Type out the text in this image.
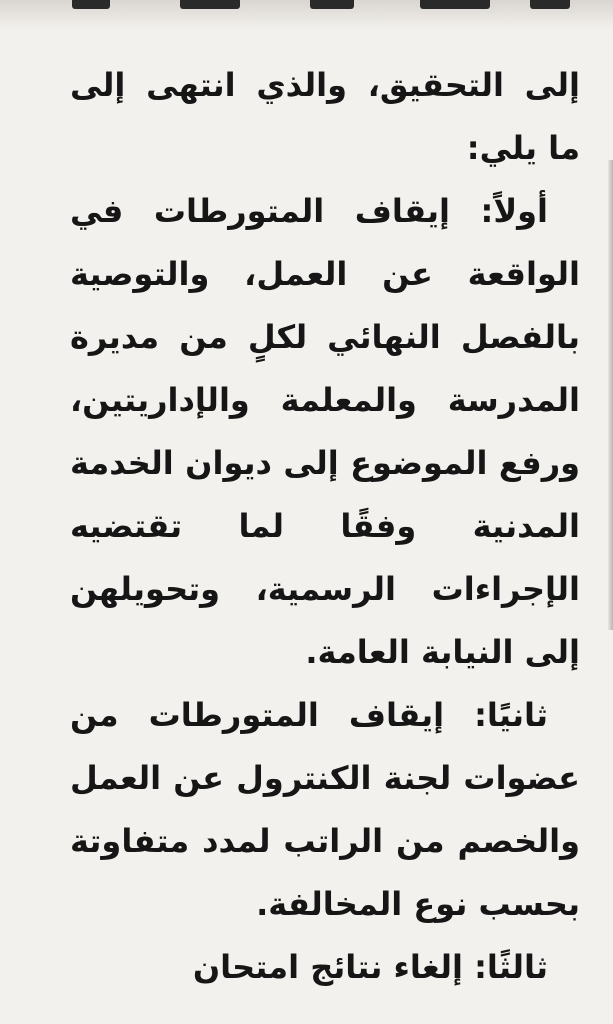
إلى التحقيق، والذي انتهى إلى ما يلي:

أولاً: إيقاف المتورطات في الواقعة عن العمل، والتوصية بالفصل النهائي لكلٍ من مديرة المدرسة والمعلمة والإداريتين، ورفع الموضوع إلى ديوان الخدمة المدنية وفقًا لما تقتضيه الإجراءات الرسمية، وتحويلهن إلى النيابة العامة.

ثانيًا: إيقاف المتورطات من عضوات لجنة الكنترول عن العمل والخصم من الراتب لمدد متفاوتة بحسب نوع المخالفة.

ثالثًا: إلغاء نتائج امتحان
